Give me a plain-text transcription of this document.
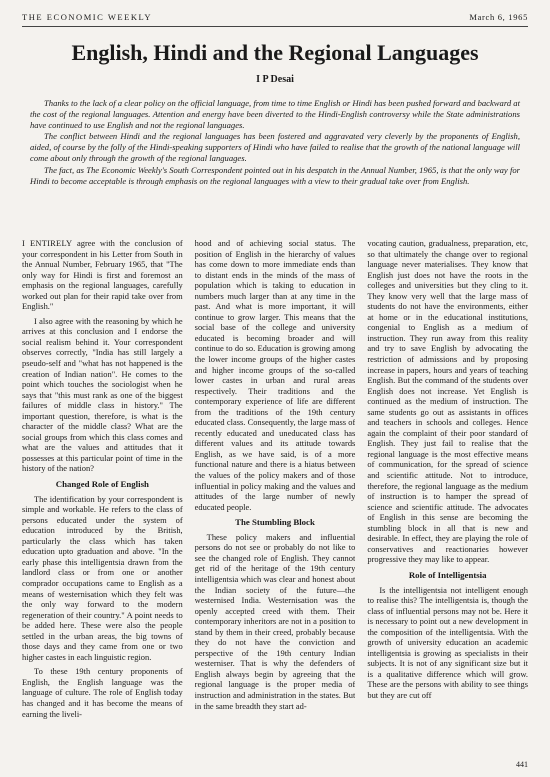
THE ECONOMIC WEEKLY	March 6, 1965
English, Hindi and the Regional Languages
I P Desai

Thanks to the lack of a clear policy on the official language, from time to time English or Hindi has been pushed forward and backward at the cost of the regional languages. Attention and energy have been diverted to the Hindi-English controversy while the State administrations have continued to use English and not the regional languages.

The conflict between Hindi and the regional languages has been fostered and aggravated very cleverly by the proponents of English, aided, of course by the folly of the Hindi-speaking supporters of Hindi who have failed to realise that the growth of the national language will come about only through the growth of the regional languages.

The fact, as The Economic Weekly's South Correspondent pointed out in his despatch in the Annual Number, 1965, is that the only way for Hindi to become acceptable is through emphasis on the regional languages with a view to their gradual take over from English.

I ENTIRELY agree with the conclusion of your correspondent in his Letter from South in the Annual Number, February 1965, that "The only way for Hindi is first and foremost an emphasis on the regional languages, carefully worked out plan for their rapid take over from English."

I also agree with the reasoning by which he arrives at this conclusion and I endorse the social realism behind it. Your correspondent observes correctly, "India has still largely a pseudo-self and "what has not happened is the creation of Indian nation". He comes to the point which touches the sociologist when he says that "this must rank as one of the biggest failures of middle class in history." The important question, therefore, is what is the character of the middle class? What are the social groups from which this class comes and what are the values and attitudes that it possesses at this particular point of time in the history of the nation?

Changed Role of English

The identification by your correspondent is simple and workable. He refers to the class of persons educated under the system of education introduced by the British, particularly the class which has taken education upto graduation and above. "In the early phase this intelligentsia drawn from the landlord class or from one or another comprador occupations came to English as a means of westernisation which they felt was the only way forward to the modern regeneration of their country." A point needs to be added here. These were also the people settled in the urban areas, the big towns of those days and they came from one or two higher castes in each linguistic region.

To these 19th century proponents of English, the English language was the language of culture. The role of English today has changed and it has become the means of earning the liveli-

hood and of achieving social status. The position of English in the hierarchy of values has come down to more immediate ends than to distant ends in the minds of the mass of population which is taking to education in numbers much larger than at any time in the past. And what is more important, it will continue to grow larger. This means that the social base of the college and university educated is becoming broader and will continue to do so. Education is growing among the lower income groups of the higher castes and higher income groups of the so-called lower castes in urban and rural areas respectively. Their traditions and the contemporary experience of life are different from the traditions of the 19th century educated class. Consequently, the large mass of recently educated and uneducated class has different values and its attitude towards English, as we have said, is of a more functional nature and there is a hiatus between the values of the policy makers and of those influential in policy making and the values and attitudes of the large number of newly educated people.

The Stumbling Block

These policy makers and influential persons do not see or probably do not like to see the changed role of English. They cannot get rid of the heritage of the 19th century intelligentsia which was clear and honest about the Indian society of the future—the westernised India. Westernisation was the openly accepted creed with them. Their contemporary inheritors are not in a position to stand by them in their creed, probably because they do not have the conviction and perspective of the 19th century Indian westerniser. That is why the defenders of English always begin by agreeing that the regional language is the proper media of instruction and administration in the states. But in the same breadth they start ad-

vocating caution, gradualness, preparation, etc, so that ultimately the change over to regional language never materialises. They know that English just does not have the roots in the colleges and universities but they cling to it. They know very well that the large mass of students do not have the environments, either at home or in the educational institutions, congenial to English as a medium of instruction. They run away from this reality and try to save English by advocating the restriction of admissions and by proposing increase in papers, hours and years of teaching English. But the command of the students over English does not increase. Yet English is continued as the medium of instruction. The same students go out as assistants in offices and teachers in schools and colleges. Hence again the complaint of their poor standard of English. They just fail to realise that the regional language is the most effective means of communication, for the spread of science and scientific attitude. Not to introduce, therefore, the regional language as the medium of instruction is to hamper the spread of science and scientific attitude. The advocates of English in this sense are becoming the stumbling block in all that is new and desirable. In effect, they are playing the role of conservatives and reactionaries however progressive they may like to appear.

Role of Intelligentsia

Is the intelligentsia not intelligent enough to realise this? The intelligentsia is, though the class of influential persons may not be. Here it is necessary to point out a new development in the composition of the intelligentsia. With the growth of university education an academic intelligentsia is growing as specialists in their subjects. It is not of any significant size but it is a qualitative difference which will grow. These are the persons with ability to see things but they are cut off

441
